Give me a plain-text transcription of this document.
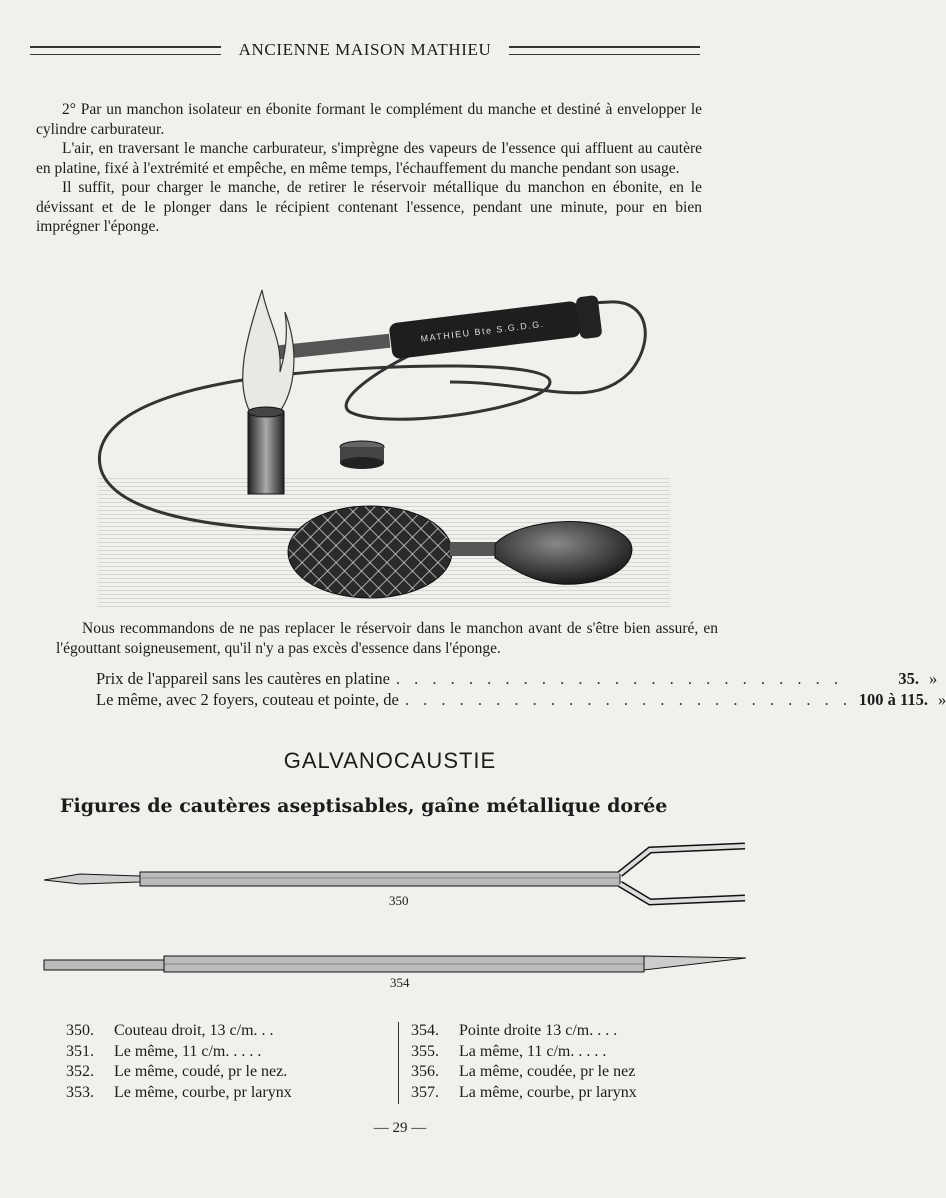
ANCIENNE MAISON MATHIEU

2° Par un manchon isolateur en ébonite formant le complément du manche et destiné à envelopper le cylindre carburateur.

L'air, en traversant le manche carburateur, s'imprègne des vapeurs de l'essence qui affluent au cautère en platine, fixé à l'extrémité et empêche, en même temps, l'échauffement du manche pendant son usage.

Il suffit, pour charger le manche, de retirer le réservoir métallique du manchon en ébonite, en le dévissant et de le plonger dans le récipient contenant l'essence, pendant une minute, pour en bien imprégner l'éponge.

MATHIEU Bte S.G.D.G.

Nous recommandons de ne pas replacer le réservoir dans le manchon avant de s'être bien assuré, en l'égouttant soigneusement, qu'il n'y a pas excès d'essence dans l'éponge.

Prix de l'appareil sans les cautères en platine . . . . . . . . . . . . . . . . . . . . . . . . .	35. »
Le même, avec 2 foyers, couteau et pointe, de . . . . . . . . . . . . . . . . . . . . . . . . . 100 à 115. »
GALVANOCAUSTIE
Figures de cautères aseptisables, gaîne métallique dorée
350
354
350.	Couteau droit, 13 c/m. . .
351.	Le même, 11 c/m. . . . .
352.	Le même, coudé, pr le nez.
353.	Le même, courbe, pr larynx
354.	Pointe droite 13 c/m. . . .
355.	La même, 11 c/m. . . . .
356.	La même, coudée, pr le nez
357.	La même, courbe, pr larynx
— 29 —
